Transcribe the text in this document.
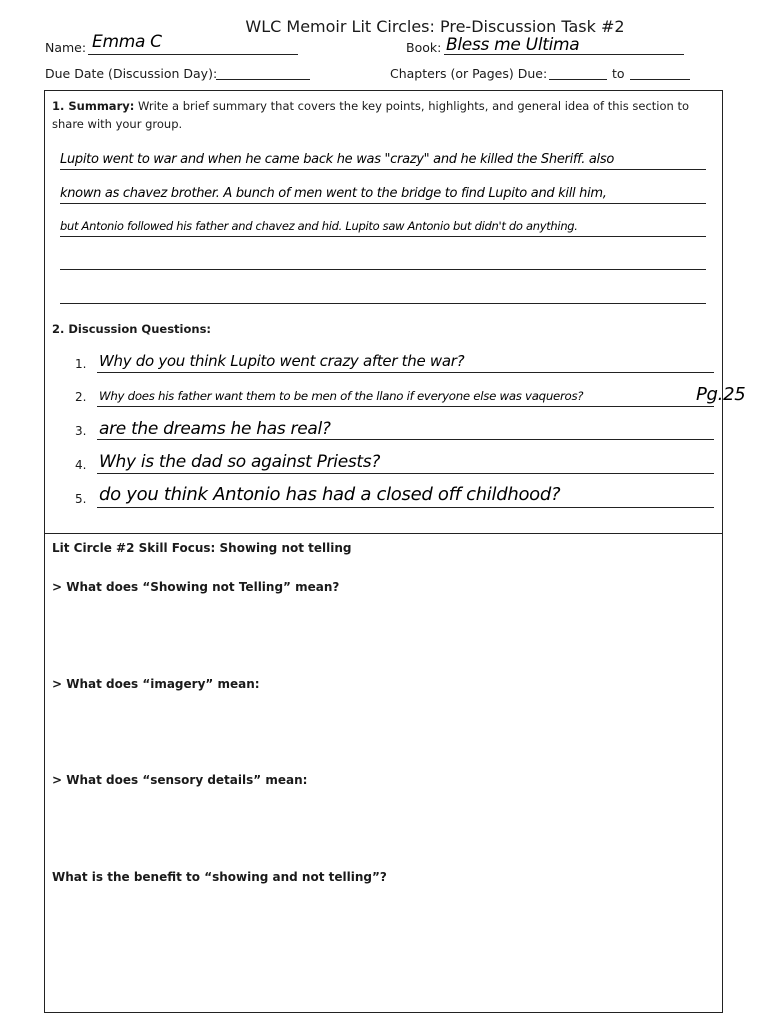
WLC Memoir Lit Circles: Pre-Discussion Task #2
Name: Emma C	Book: Bless me Ultima
Due Date (Discussion Day):	Chapters (or Pages) Due:	to
1. Summary: Write a brief summary that covers the key points, highlights, and general idea of this section to share with your group.
Lupito went to war and when he came back he was "crazy" and he killed the Sheriff. also
known as chavez brother. A bunch of men went to the bridge to find Lupito and kill him,
but Antonio followed his father and chavez and hid. Lupito saw Antonio but didn't do anything.
2. Discussion Questions:
1. Why do you think Lupito went crazy after the war?
2. Why does his father want them to be men of the llano if everyone else was vaqueros?	Pg.25
3. are the dreams he has real?
4. Why is the dad so against Priests?
5. do you think Antonio has had a closed off childhood?
Lit Circle #2 Skill Focus: Showing not telling
> What does “Showing not Telling” mean?
> What does “imagery” mean:
> What does “sensory details” mean:
What is the benefit to “showing and not telling”?
